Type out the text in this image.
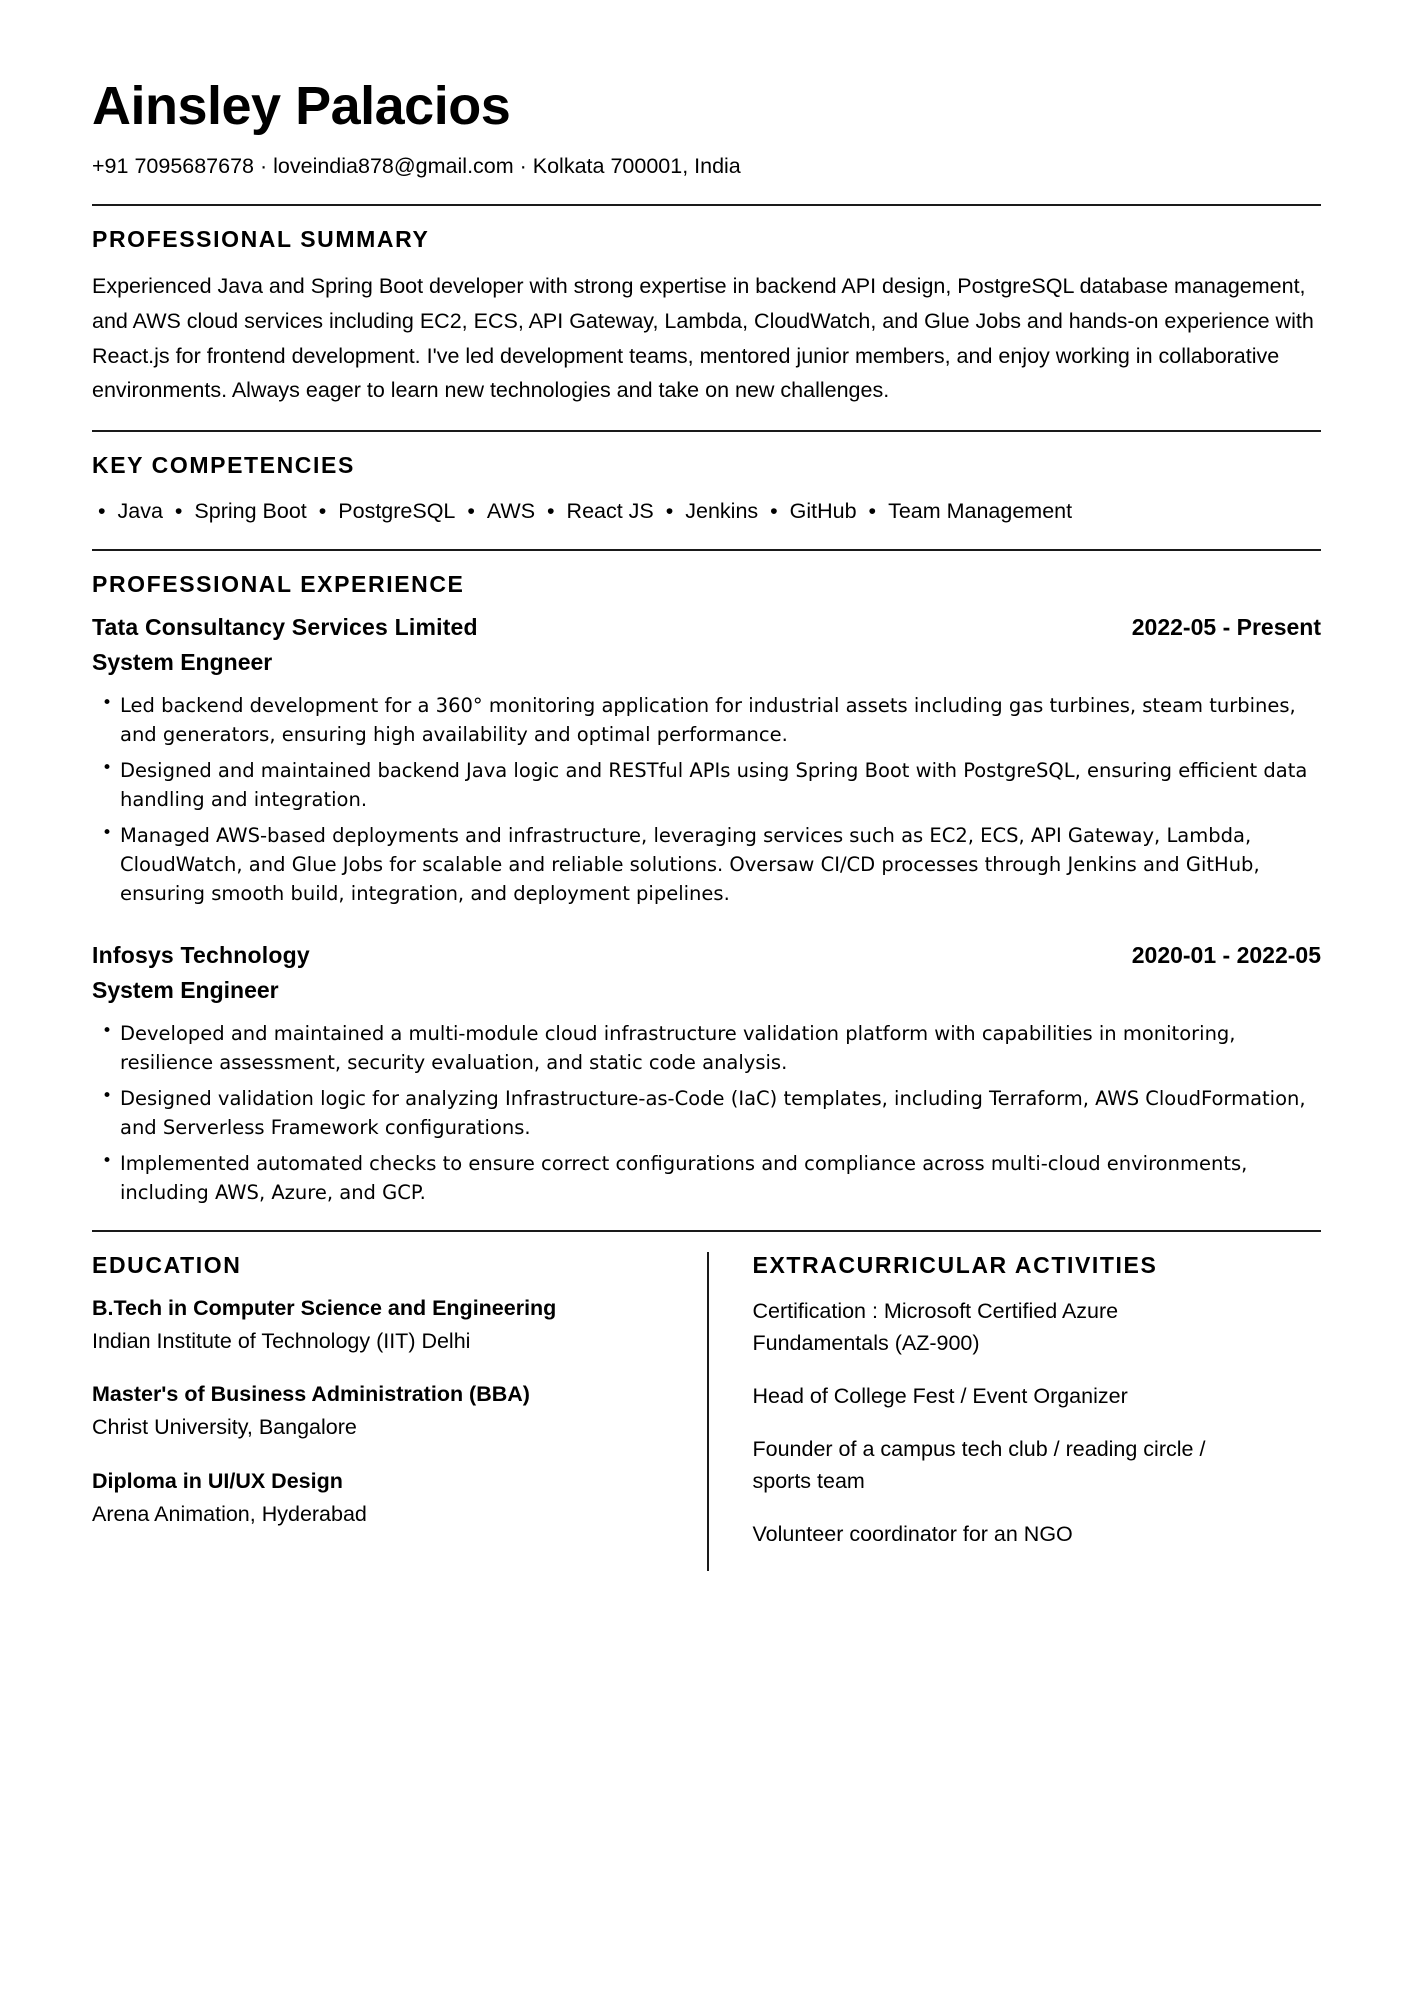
Ainsley Palacios

+91 7095687678 · loveindia878@gmail.com · Kolkata 700001, India

PROFESSIONAL SUMMARY

Experienced Java and Spring Boot developer with strong expertise in backend API design, PostgreSQL database management, and AWS cloud services including EC2, ECS, API Gateway, Lambda, CloudWatch, and Glue Jobs and hands-on experience with React.js for frontend development. I've led development teams, mentored junior members, and enjoy working in collaborative environments. Always eager to learn new technologies and take on new challenges.

KEY COMPETENCIES

• Java • Spring Boot • PostgreSQL • AWS • React JS • Jenkins • GitHub • Team Management

PROFESSIONAL EXPERIENCE
Tata Consultancy Services Limited	2022-05 - Present
System Engneer
• Led backend development for a 360° monitoring application for industrial assets including gas turbines, steam turbines, and generators, ensuring high availability and optimal performance.
• Designed and maintained backend Java logic and RESTful APIs using Spring Boot with PostgreSQL, ensuring efficient data handling and integration.
• Managed AWS-based deployments and infrastructure, leveraging services such as EC2, ECS, API Gateway, Lambda, CloudWatch, and Glue Jobs for scalable and reliable solutions. Oversaw CI/CD processes through Jenkins and GitHub, ensuring smooth build, integration, and deployment pipelines.
Infosys Technology	2020-01 - 2022-05
System Engineer
• Developed and maintained a multi-module cloud infrastructure validation platform with capabilities in monitoring, resilience assessment, security evaluation, and static code analysis.
• Designed validation logic for analyzing Infrastructure-as-Code (IaC) templates, including Terraform, AWS CloudFormation, and Serverless Framework configurations.
• Implemented automated checks to ensure correct configurations and compliance across multi-cloud environments, including AWS, Azure, and GCP.
EDUCATION
B.Tech in Computer Science and Engineering
Indian Institute of Technology (IIT) Delhi
Master's of Business Administration (BBA)
Christ University, Bangalore
Diploma in UI/UX Design
Arena Animation, Hyderabad
EXTRACURRICULAR ACTIVITIES
Certification : Microsoft Certified Azure Fundamentals (AZ-900)
Head of College Fest / Event Organizer
Founder of a campus tech club / reading circle / sports team
Volunteer coordinator for an NGO
